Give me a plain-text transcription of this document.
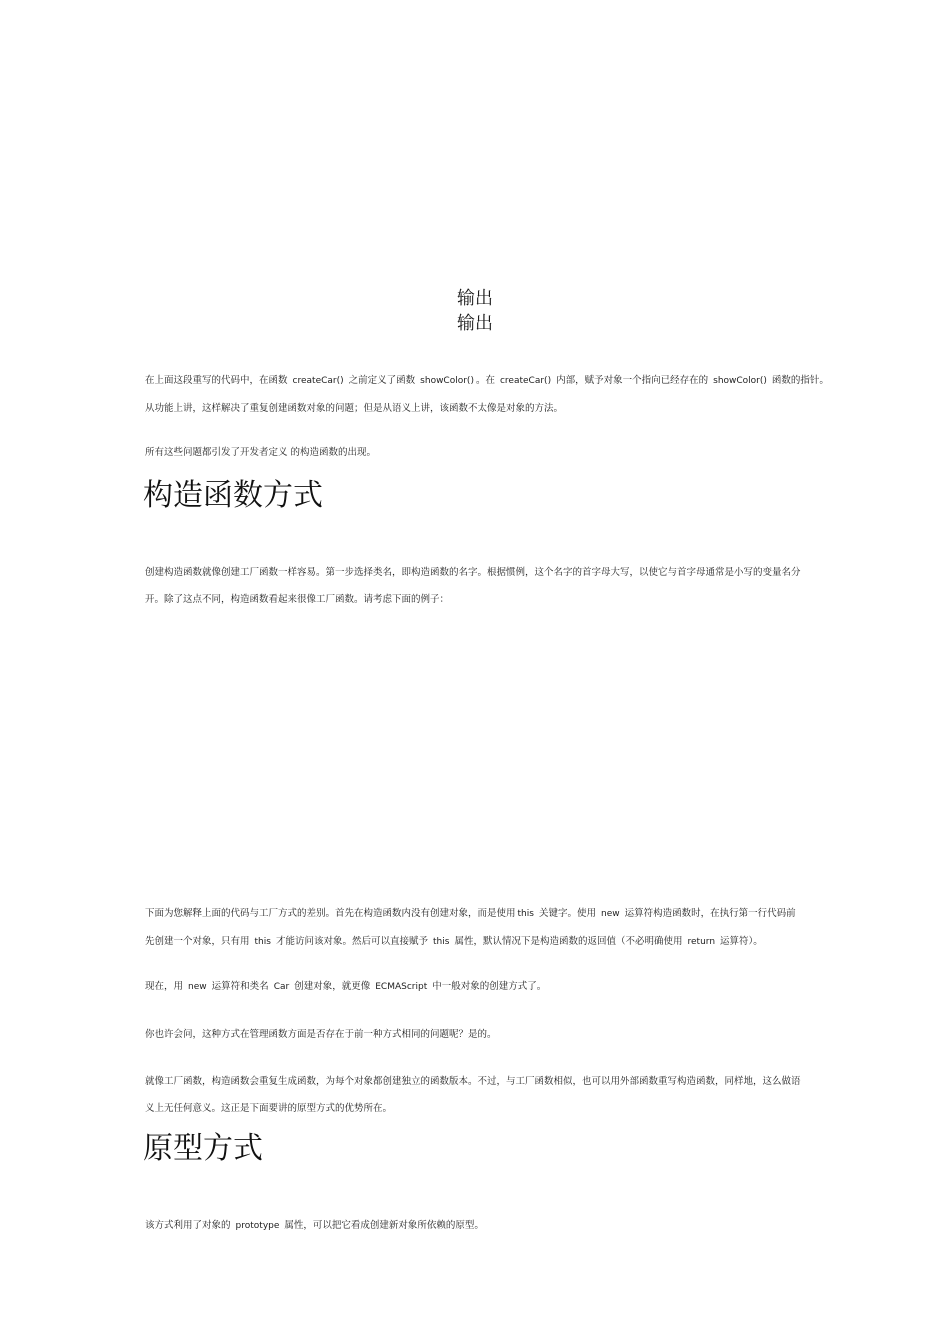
输出
输出
在上面这段重写的代码中，在函数 createCar() 之前定义了函数 showColor() 。在 createCar() 内部，赋予对象一个指向已经存在的 showColor() 函数的指针。
从功能上讲，这样解决了重复创建函数对象的问题；但是从语义上讲，该函数不太像是对象的方法。
所有这些问题都引发了开发者定义 的构造函数的出现。
构造函数方式
创建构造函数就像创建工厂函数一样容易。第一步选择类名，即构造函数的名字。根据惯例，这个名字的首字母大写，以使它与首字母通常是小写的变量名分
开。除了这点不同，构造函数看起来很像工厂函数。请考虑下面的例子：
下面为您解释上面的代码与工厂方式的差别。首先在构造函数内没有创建对象，而是使用 this 关键字。使用 new 运算符构造函数时，在执行第一行代码前
先创建一个对象，只有用 this 才能访问该对象。然后可以直接赋予 this 属性，默认情况下是构造函数的返回值（不必明确使用 return 运算符）。
现在，用 new 运算符和类名 Car 创建对象，就更像 ECMAScript 中一般对象的创建方式了。
你也许会问，这种方式在管理函数方面是否存在于前一种方式相同的问题呢？是的。
就像工厂函数，构造函数会重复生成函数，为每个对象都创建独立的函数版本。不过，与工厂函数相似，也可以用外部函数重写构造函数，同样地，这么做语
义上无任何意义。这正是下面要讲的原型方式的优势所在。
原型方式
该方式利用了对象的 prototype 属性，可以把它看成创建新对象所依赖的原型。
